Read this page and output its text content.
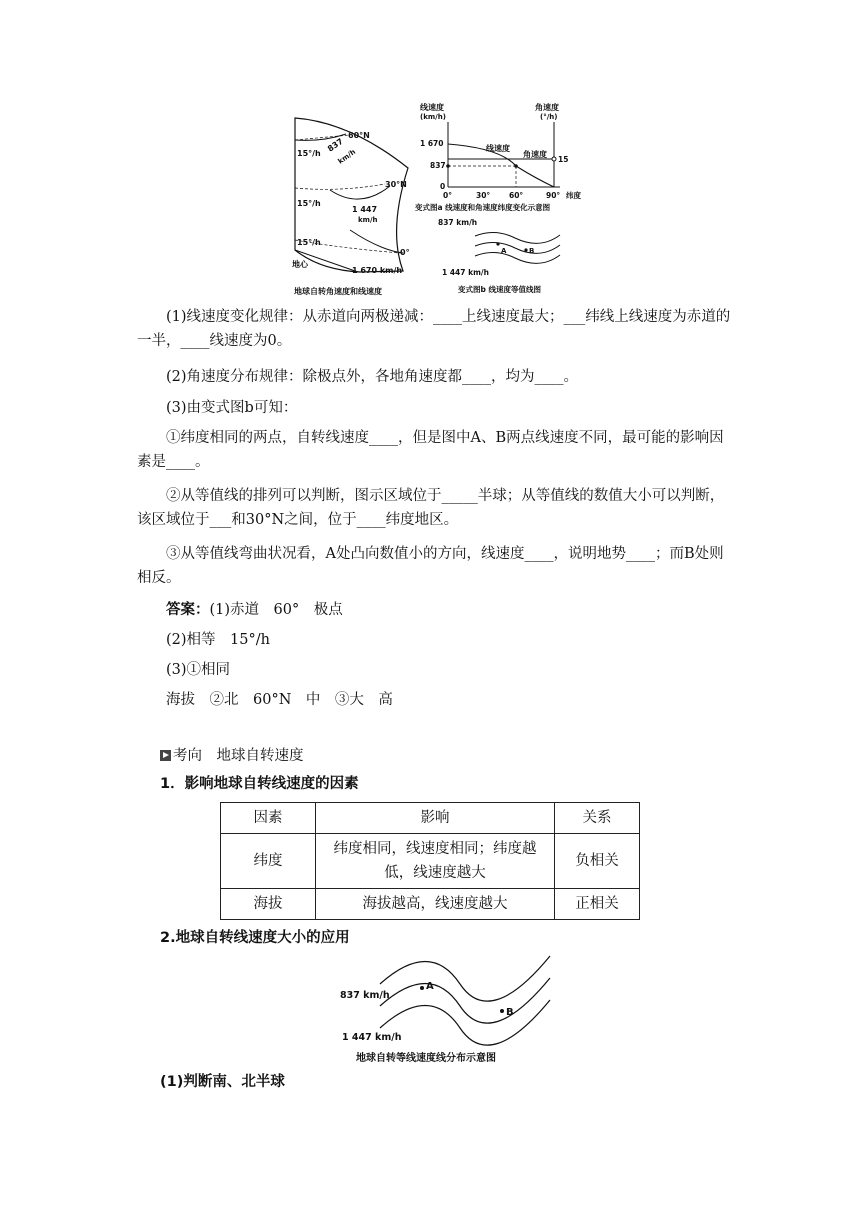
60°N
30°N
0°
837
km/h
1 447
km/h
1 670 km/h
15°/h
15°/h
15°/h
地心
地球自转角速度和线速度
线速度
(km/h)
角速度
(°/h)
1 670
837
0
线速度
角速度
15
0°	30°	60°	90° 纬度
变式图a 线速度和角速度纬度变化示意图
837 km/h
A	B
1 447 km/h
变式图b 线速度等值线图

(1)线速度变化规律：从赤道向两极递减：____上线速度最大；___纬线上线速度为赤道的一半，____线速度为0。

(2)角速度分布规律：除极点外，各地角速度都____，均为____。

(3)由变式图b可知：

①纬度相同的两点，自转线速度____，但是图中A、B两点线速度不同，最可能的影响因素是____。

②从等值线的排列可以判断，图示区域位于_____半球；从等值线的数值大小可以判断，该区域位于___和30°N之间，位于____纬度地区。

③从等值线弯曲状况看，A处凸向数值小的方向，线速度____，说明地势____；而B处则相反。

答案：(1)赤道　60°　极点

(2)相等　15°/h

(3)①相同

海拔　②北　60°N　中　③大　高

考向　地球自转速度

1．影响地球自转线速度的因素

因素	影响	关系
纬度	纬度相同，线速度相同；纬度越低，线速度越大	负相关
海拔	海拔越高，线速度越大	正相关

2.地球自转线速度大小的应用

A
B
837 km/h
1 447 km/h
地球自转等线速度线分布示意图

(1)判断南、北半球
